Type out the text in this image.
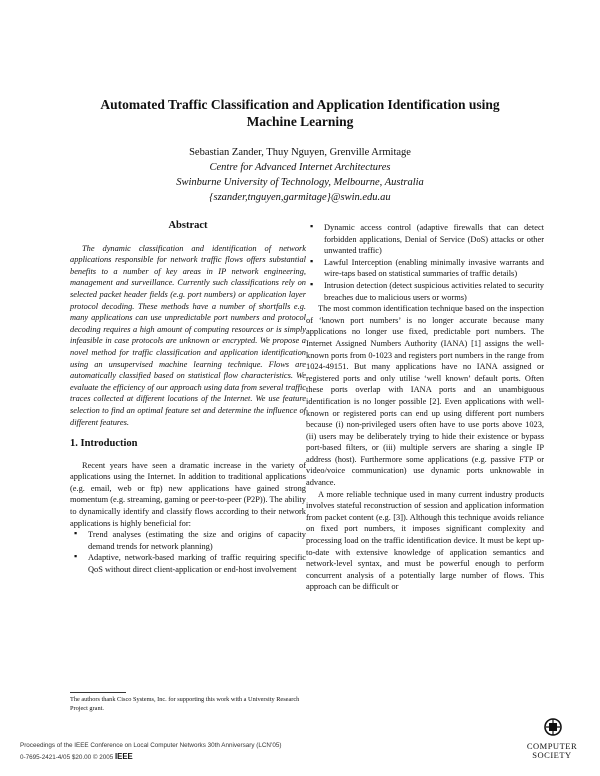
Automated Traffic Classification and Application Identification using
Machine Learning
Sebastian Zander, Thuy Nguyen, Grenville Armitage
Centre for Advanced Internet Architectures
Swinburne University of Technology, Melbourne, Australia
{szander,tnguyen,garmitage}@swin.edu.au
Abstract

The dynamic classification and identification of network applications responsible for network traffic flows offers substantial benefits to a number of key areas in IP network engineering, management and surveillance. Currently such classifications rely on selected packet header fields (e.g. port numbers) or application layer protocol decoding. These methods have a number of shortfalls e.g. many applications can use unpredictable port numbers and protocol decoding requires a high amount of computing resources or is simply infeasible in case protocols are unknown or encrypted. We propose a novel method for traffic classification and application identification using an unsupervised machine learning technique. Flows are automatically classified based on statistical flow characteristics. We evaluate the efficiency of our approach using data from several traffic traces collected at different locations of the Internet. We use feature selection to find an optimal feature set and determine the influence of different features.

1. Introduction

Recent years have seen a dramatic increase in the variety of applications using the Internet. In addition to traditional applications (e.g. email, web or ftp) new applications have gained strong momentum (e.g. streaming, gaming or peer-to-peer (P2P)). The ability to dynamically identify and classify flows according to their network applications is highly beneficial for:

▪ Trend analyses (estimating the size and origins of capacity demand trends for network planning)
▪ Adaptive, network-based marking of traffic requiring specific QoS without direct client-application or end-host involvement
The authors thank Cisco Systems, Inc. for supporting this work with a University Research Project grant.
▪ Dynamic access control (adaptive firewalls that can detect forbidden applications, Denial of Service (DoS) attacks or other unwanted traffic)
▪ Lawful Interception (enabling minimally invasive warrants and wire-taps based on statistical summaries of traffic details)
▪ Intrusion detection (detect suspicious activities related to security breaches due to malicious users or worms)

The most common identification technique based on the inspection of ‘known port numbers’ is no longer accurate because many applications no longer use fixed, predictable port numbers. The Internet Assigned Numbers Authority (IANA) [1] assigns the well-known ports from 0-1023 and registers port numbers in the range from 1024-49151. But many applications have no IANA assigned or registered ports and only utilise ‘well known’ default ports. Often these ports overlap with IANA ports and an unambiguous identification is no longer possible [2]. Even applications with well-known or registered ports can end up using different port numbers because (i) non-privileged users often have to use ports above 1023, (ii) users may be deliberately trying to hide their existence or bypass port-based filters, or (iii) multiple servers are sharing a single IP address (host). Furthermore some applications (e.g. passive FTP or video/voice communication) use dynamic ports unknowable in advance.

A more reliable technique used in many current industry products involves stateful reconstruction of session and application information from packet content (e.g. [3]). Although this technique avoids reliance on fixed port numbers, it imposes significant complexity and processing load on the traffic identification device. It must be kept up-to-date with extensive knowledge of application semantics and network-level syntax, and must be powerful enough to perform concurrent analysis of a potentially large number of flows. This approach can be difficult or

Proceedings of the IEEE Conference on Local Computer Networks 30th Anniversary (LCN’05)
0-7695-2421-4/05 $20.00 © 2005 IEEE
COMPUTER
SOCIETY
